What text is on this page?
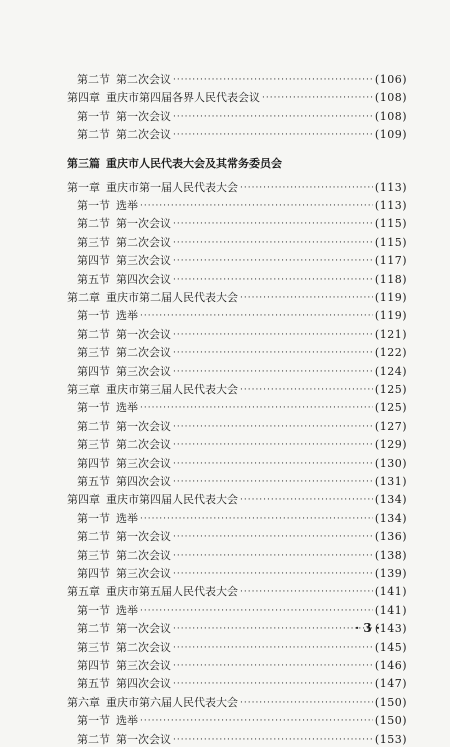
第二节 第二次会议 ·····	(106)
第四章 重庆市第四届各界人民代表会议 ·····	(108)
第一节 第一次会议 ·····	(108)
第二节 第二次会议 ·····	(109)
第三篇 重庆市人民代表大会及其常务委员会
第一章 重庆市第一届人民代表大会 ·····	(113)
第一节 选举 ·····	(113)
第二节 第一次会议 ·····	(115)
第三节 第二次会议 ·····	(115)
第四节 第三次会议 ·····	(117)
第五节 第四次会议 ·····	(118)
第二章 重庆市第二届人民代表大会 ·····	(119)
第一节 选举 ·····	(119)
第二节 第一次会议 ·····	(121)
第三节 第二次会议 ·····	(122)
第四节 第三次会议 ·····	(124)
第三章 重庆市第三届人民代表大会 ·····	(125)
第一节 选举 ·····	(125)
第二节 第一次会议 ·····	(127)
第三节 第二次会议 ·····	(129)
第四节 第三次会议 ·····	(130)
第五节 第四次会议 ·····	(131)
第四章 重庆市第四届人民代表大会 ·····	(134)
第一节 选举 ·····	(134)
第二节 第一次会议 ·····	(136)
第三节 第二次会议 ·····	(138)
第四节 第三次会议 ·····	(139)
第五章 重庆市第五届人民代表大会 ·····	(141)
第一节 选举 ·····	(141)
第二节 第一次会议 ·····	(143)
第三节 第二次会议 ·····	(145)
第四节 第三次会议 ·····	(146)
第五节 第四次会议 ·····	(147)
第六章 重庆市第六届人民代表大会 ·····	(150)
第一节 选举 ·····	(150)
第二节 第一次会议 ·····	(153)
· 3 ·
